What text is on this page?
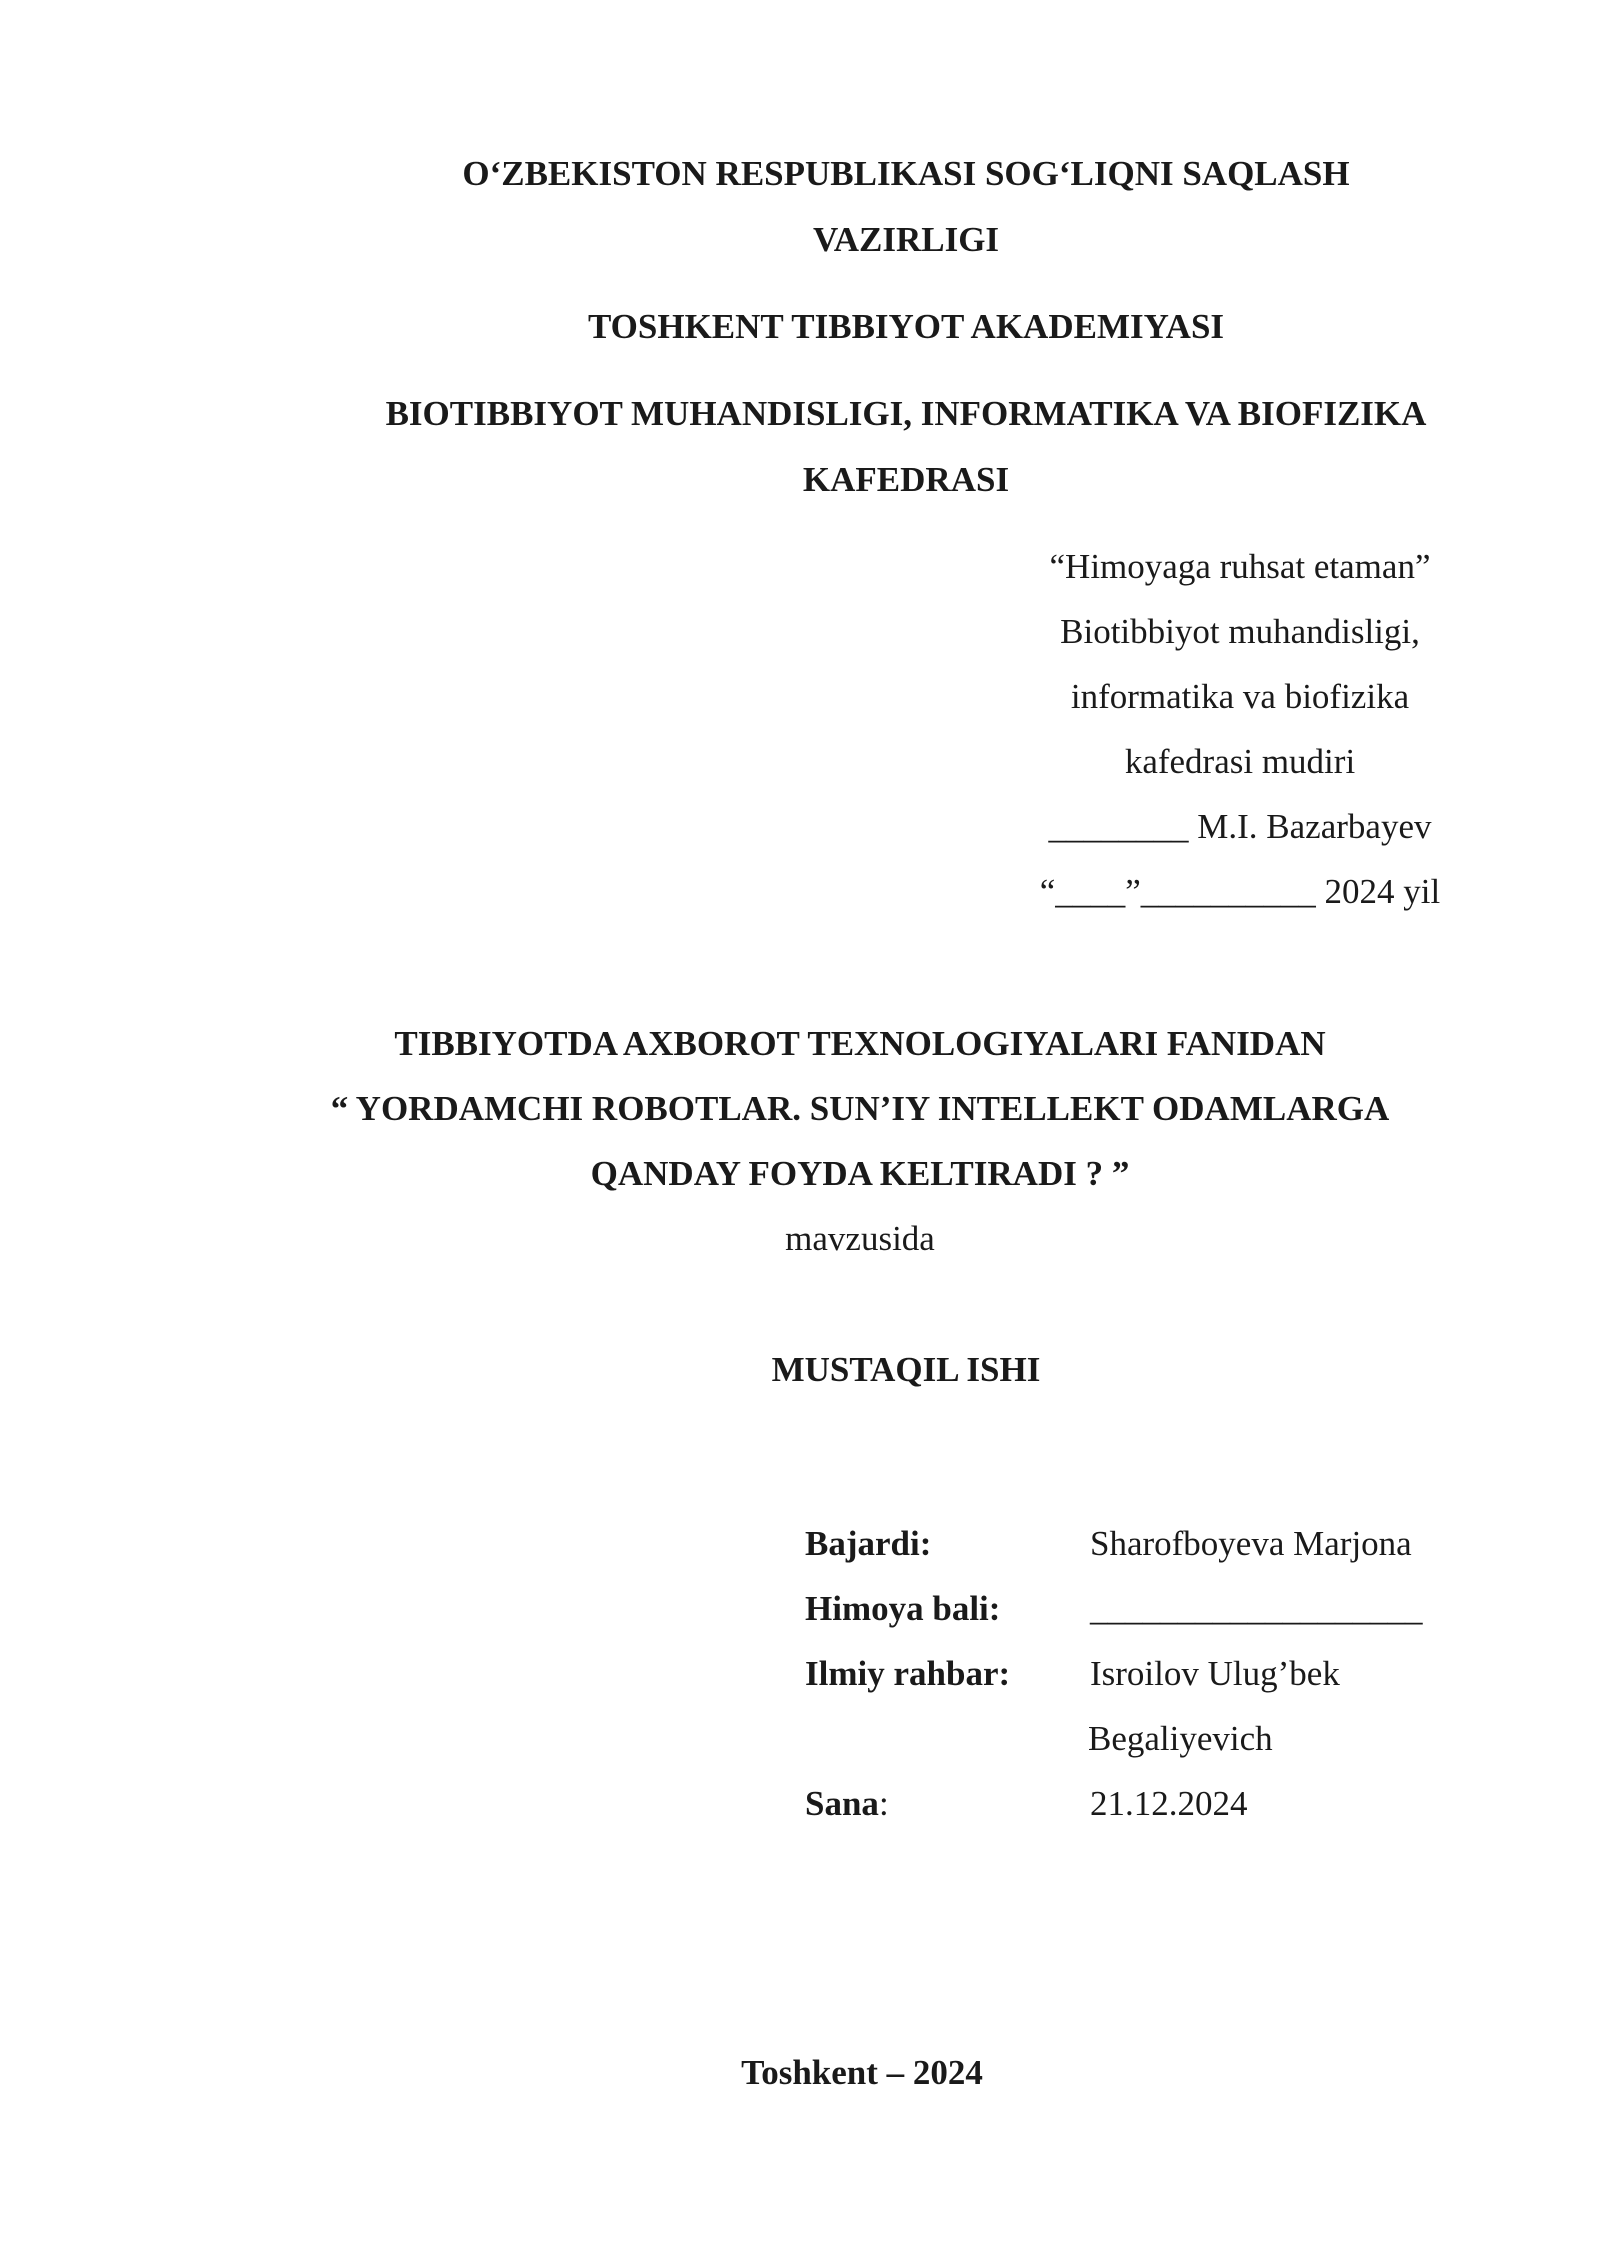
O‘ZBEKISTON RESPUBLIKASI SOG‘LIQNI SAQLASH
VAZIRLIGI
TOSHKENT TIBBIYOT AKADEMIYASI
BIOTIBBIYOT MUHANDISLIGI, INFORMATIKA VA BIOFIZIKA
KAFEDRASI
“Himoyaga ruhsat etaman”
Biotibbiyot muhandisligi,
informatika va biofizika
kafedrasi mudiri
________ M.I. Bazarbayev
“____”__________ 2024 yil
TIBBIYOTDA AXBOROT TEXNOLOGIYALARI FANIDAN
“ YORDAMCHI ROBOTLAR. SUN’IY INTELLEKT ODAMLARGA
QANDAY FOYDA KELTIRADI ? ”
mavzusida
MUSTAQIL ISHI
Bajardi:	Sharofboyeva Marjona
Himoya bali:	___________________
Ilmiy rahbar: Isroilov Ulug’bek
Begaliyevich
Sana:	21.12.2024
Toshkent – 2024
